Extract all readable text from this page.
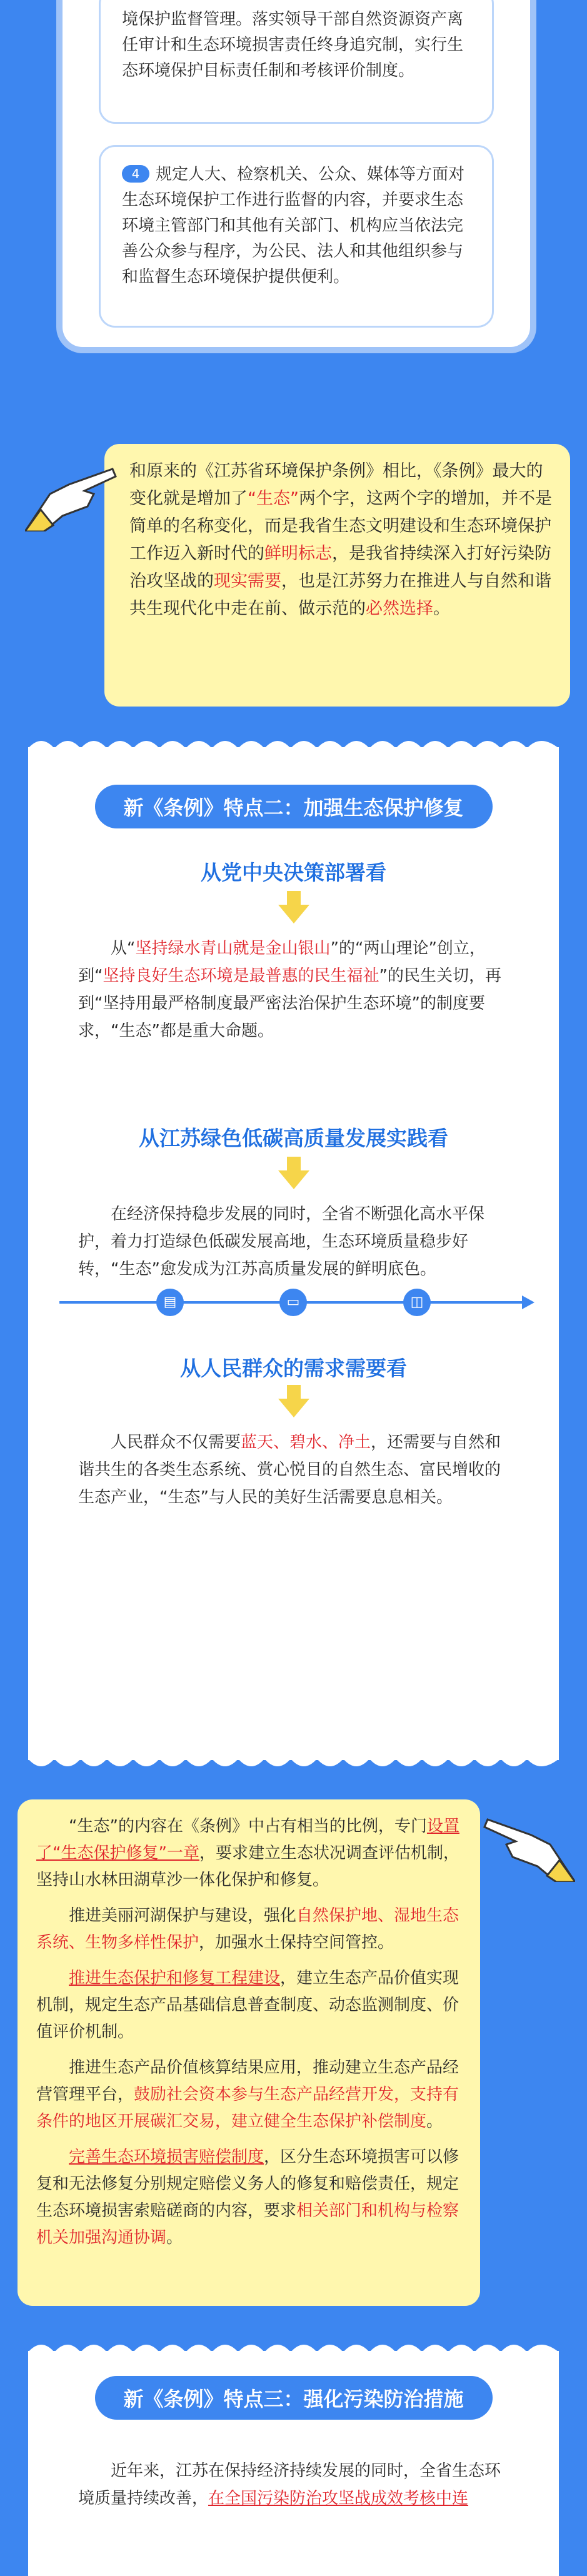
境保护监督管理。落实领导干部自然资源资产离任审计和生态环境损害责任终身追究制，实行生态环境保护目标责任制和考核评价制度。
4 规定人大、检察机关、公众、媒体等方面对生态环境保护工作进行监督的内容，并要求生态环境主管部门和其他有关部门、机构应当依法完善公众参与程序，为公民、法人和其他组织参与和监督生态环境保护提供便利。
和原来的《江苏省环境保护条例》相比，《条例》最大的变化就是增加了“生态”两个字，这两个字的增加，并不是简单的名称变化，而是我省生态文明建设和生态环境保护工作迈入新时代的鲜明标志，是我省持续深入打好污染防治攻坚战的现实需要，也是江苏努力在推进人与自然和谐共生现代化中走在前、做示范的必然选择。
新《条例》特点二：加强生态保护修复
从党中央决策部署看
从“坚持绿水青山就是金山银山”的“两山理论”创立，到“坚持良好生态环境是最普惠的民生福祉”的民生关切，再到“坚持用最严格制度最严密法治保护生态环境”的制度要求，“生态”都是重大命题。
从江苏绿色低碳高质量发展实践看
在经济保持稳步发展的同时，全省不断强化高水平保护，着力打造绿色低碳发展高地，生态环境质量稳步好转，“生态”愈发成为江苏高质量发展的鲜明底色。
▤	▭	◫
从人民群众的需求需要看
人民群众不仅需要蓝天、碧水、净土，还需要与自然和谐共生的各类生态系统、赏心悦目的自然生态、富民增收的生态产业，“生态”与人民的美好生活需要息息相关。
“生态”的内容在《条例》中占有相当的比例，专门设置了“生态保护修复”一章，要求建立生态状况调查评估机制，坚持山水林田湖草沙一体化保护和修复。
推进美丽河湖保护与建设，强化自然保护地、湿地生态系统、生物多样性保护，加强水土保持空间管控。
推进生态保护和修复工程建设，建立生态产品价值实现机制，规定生态产品基础信息普查制度、动态监测制度、价值评价机制。
推进生态产品价值核算结果应用，推动建立生态产品经营管理平台，鼓励社会资本参与生态产品经营开发，支持有条件的地区开展碳汇交易，建立健全生态保护补偿制度。
完善生态环境损害赔偿制度，区分生态环境损害可以修复和无法修复分别规定赔偿义务人的修复和赔偿责任，规定生态环境损害索赔磋商的内容，要求相关部门和机构与检察机关加强沟通协调。
新《条例》特点三：强化污染防治措施
近年来，江苏在保持经济持续发展的同时，全省生态环境质量持续改善，在全国污染防治攻坚战成效考核中连
